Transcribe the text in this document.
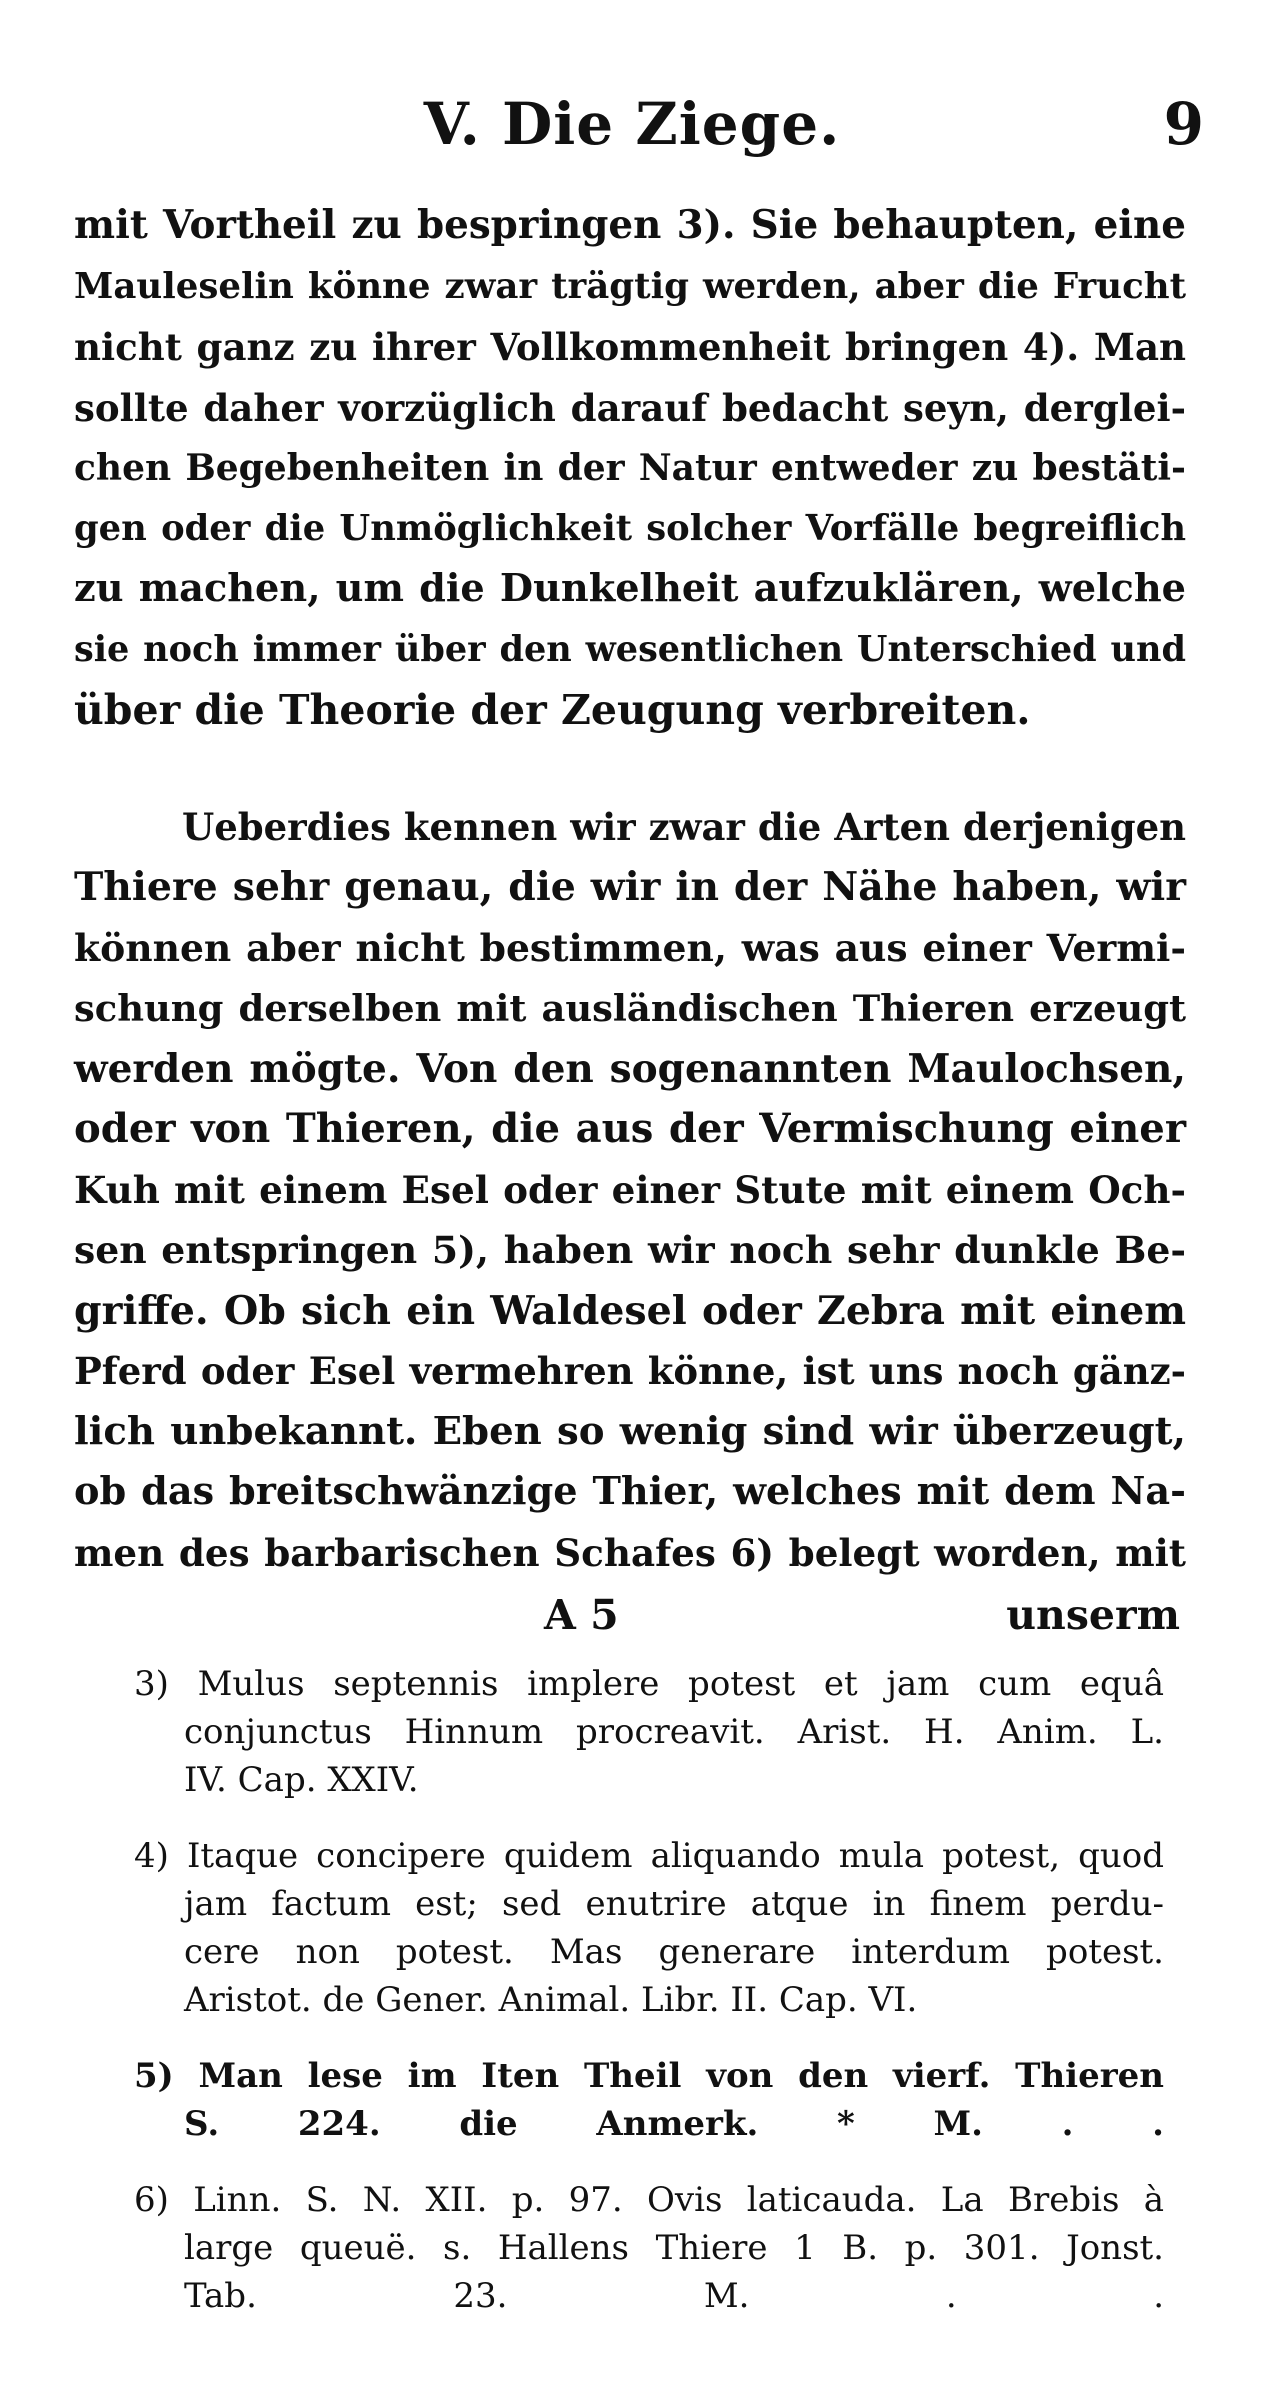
V. Die Ziege.	9
mit Vortheil zu bespringen 3). Sie behaupten, eine
Mauleselin könne zwar trägtig werden, aber die Frucht
nicht ganz zu ihrer Vollkommenheit bringen 4). Man
sollte daher vorzüglich darauf bedacht seyn, derglei-
chen Begebenheiten in der Natur entweder zu bestäti-
gen oder die Unmöglichkeit solcher Vorfälle begreiflich
zu machen, um die Dunkelheit aufzuklären, welche
sie noch immer über den wesentlichen Unterschied und
über die Theorie der Zeugung verbreiten.
Ueberdies kennen wir zwar die Arten derjenigen
Thiere sehr genau, die wir in der Nähe haben, wir
können aber nicht bestimmen, was aus einer Vermi-
schung derselben mit ausländischen Thieren erzeugt
werden mögte. Von den sogenannten Maulochsen,
oder von Thieren, die aus der Vermischung einer
Kuh mit einem Esel oder einer Stute mit einem Och-
sen entspringen 5), haben wir noch sehr dunkle Be-
griffe. Ob sich ein Waldesel oder Zebra mit einem
Pferd oder Esel vermehren könne, ist uns noch gänz-
lich unbekannt. Eben so wenig sind wir überzeugt,
ob das breitschwänzige Thier, welches mit dem Na-
men des barbarischen Schafes 6) belegt worden, mit
A 5	unserm
3) Mulus septennis implere potest et jam cum equâ
conjunctus Hinnum procreavit. Arist. H. Anim. L.
IV. Cap. XXIV.
4) Itaque concipere quidem aliquando mula potest, quod
jam factum est; sed enutrire atque in finem perdu-
cere non potest. Mas generare interdum potest.
Aristot. de Gener. Animal. Libr. II. Cap. VI.
5) Man lese im Iten Theil von den vierf. Thieren
S. 224. die Anmerk. * M. . .
6) Linn. S. N. XII. p. 97. Ovis laticauda. La Brebis à
large queuë. s. Hallens Thiere 1 B. p. 301. Jonst.
Tab. 23. M. . .
